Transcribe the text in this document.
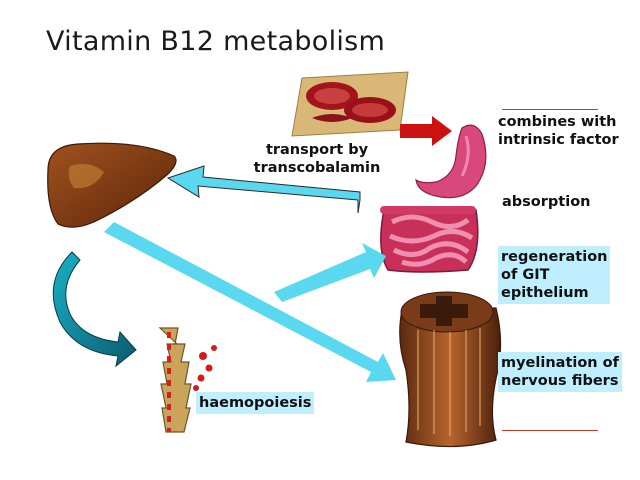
Vitamin B12 metabolism
transport by
transcobalamin
combines with
intrinsic factor
absorption
regeneration
of GIT
epithelium
myelination of
nervous fibers
haemopoiesis
